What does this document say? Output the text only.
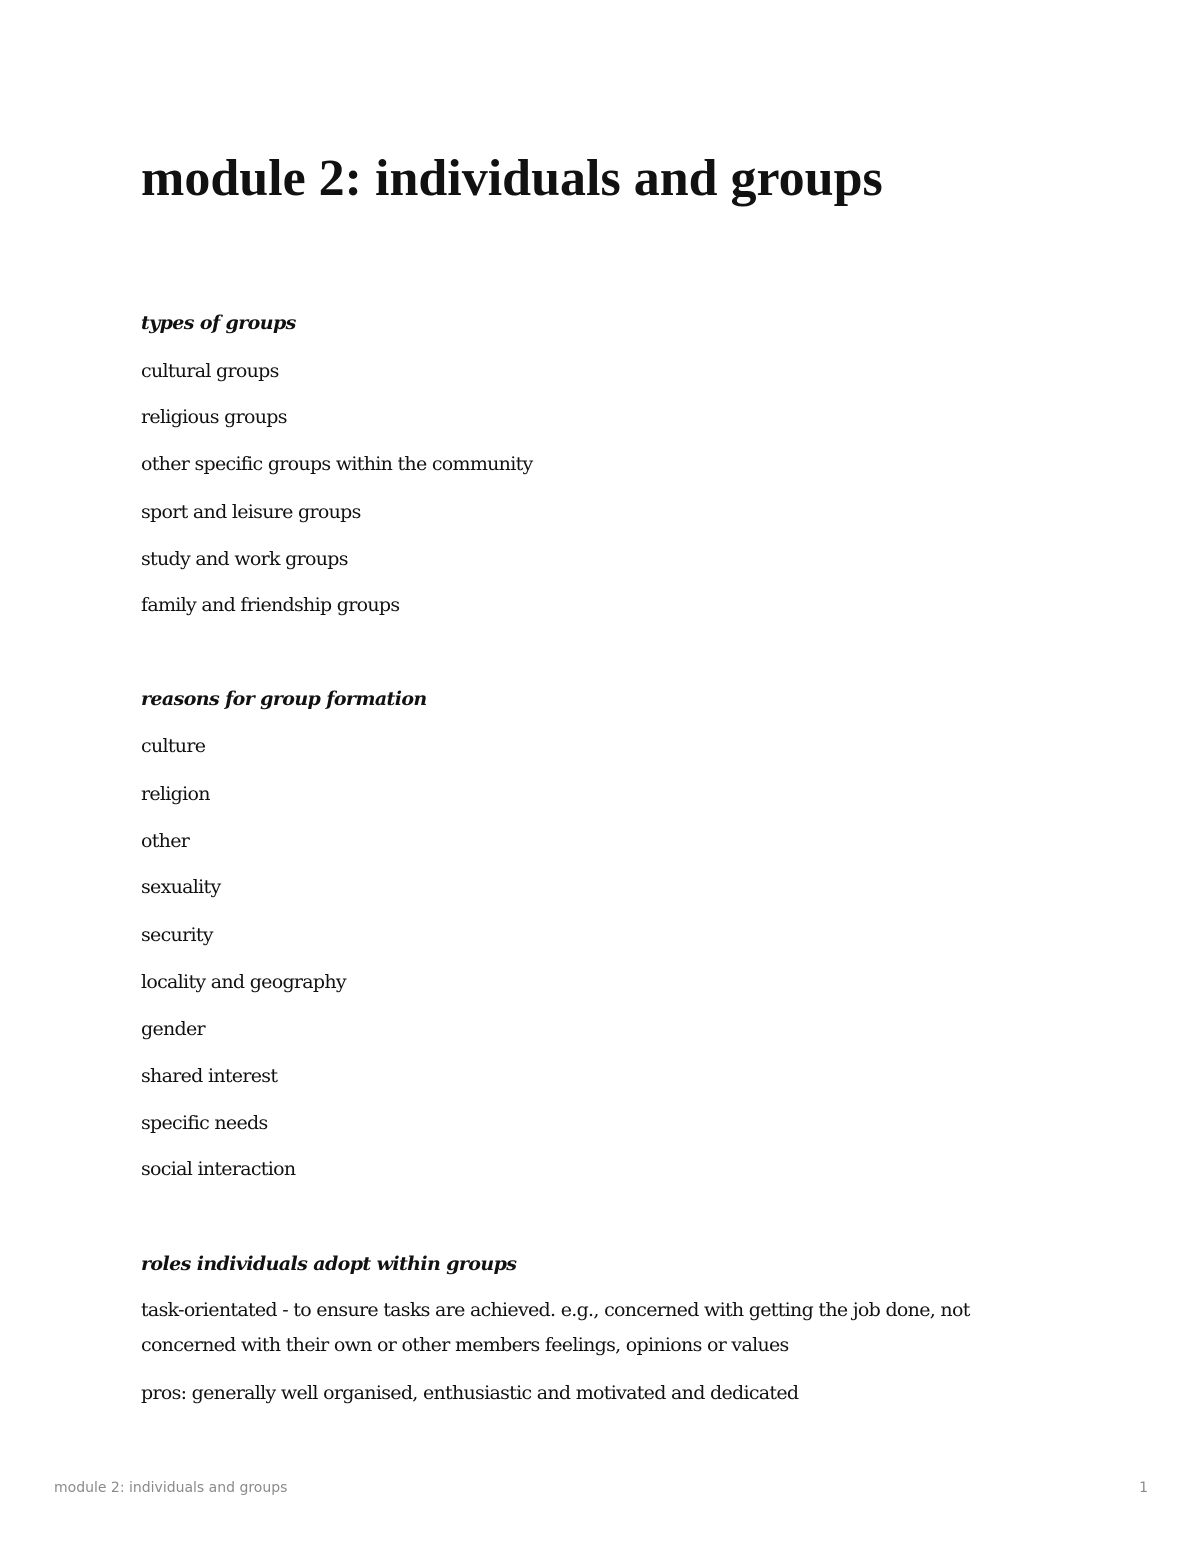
module 2: individuals and groups
types of groups

cultural groups

religious groups

other specific groups within the community

sport and leisure groups

study and work groups

family and friendship groups

reasons for group formation

culture

religion

other

sexuality

security

locality and geography

gender

shared interest

specific needs

social interaction

roles individuals adopt within groups

task-orientated - to ensure tasks are achieved. e.g., concerned with getting the job done, not concerned with their own or other members feelings, opinions or values

pros: generally well organised, enthusiastic and motivated and dedicated

module 2: individuals and groups	1
